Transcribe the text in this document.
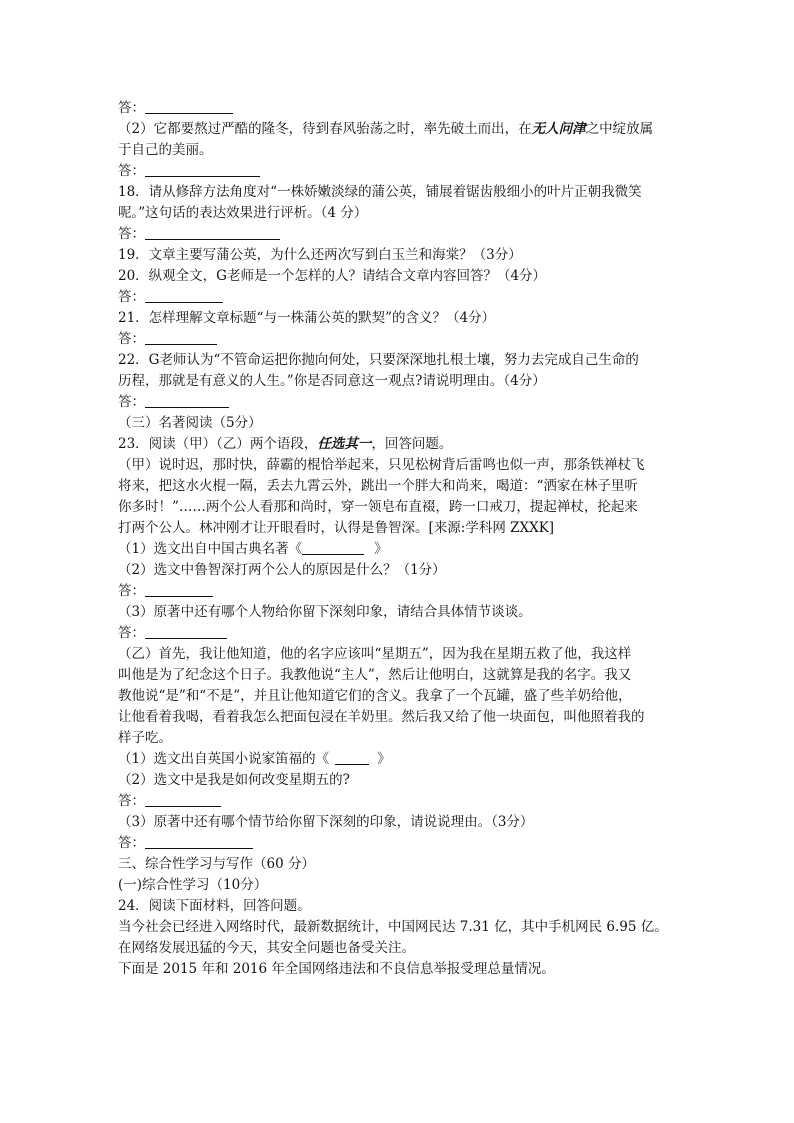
答：
（2）它都要熬过严酷的隆冬，待到春风骀荡之时，率先破土而出，在无人问津之中绽放属
于自己的美丽。
答：
18．请从修辞方法角度对“一株娇嫩淡绿的蒲公英，铺展着锯齿般细小的叶片正朝我微笑
呢。”这句话的表达效果进行评析。（4 分）
答：
19．文章主要写蒲公英，为什么还两次写到白玉兰和海棠？（3分）
20．纵观全文，G老师是一个怎样的人？请结合文章内容回答？（4分）
答：
21．怎样理解文章标题“与一株蒲公英的默契”的含义？（4分）
答：
22．G老师认为“不管命运把你抛向何处，只要深深地扎根土壤，努力去完成自己生命的
历程，那就是有意义的人生。”你是否同意这一观点?请说明理由。（4分）
答：
（三）名著阅读（5分）
23．阅读（甲）（乙）两个语段，任选其一，回答问题。
（甲）说时迟，那时快，薛霸的棍恰举起来，只见松树背后雷鸣也似一声，那条铁禅杖飞
将来，把这水火棍一隔，丢去九霄云外，跳出一个胖大和尚来，喝道：“洒家在林子里听
你多时！”……两个公人看那和尚时，穿一领皂布直裰，跨一口戒刀，提起禅杖，抡起来
打两个公人。林冲刚才让开眼看时，认得是鲁智深。[来源:学科网 ZXXK]
（1）选文出自中国古典名著《	》
（2）选文中鲁智深打两个公人的原因是什么？（1分）
答：
（3）原著中还有哪个人物给你留下深刻印象，请结合具体情节谈谈。
答：
（乙）首先，我让他知道，他的名字应该叫“星期五”，因为我在星期五救了他，我这样
叫他是为了纪念这个日子。我教他说“主人”，然后让他明白，这就算是我的名字。我又
教他说“是”和“不是”，并且让他知道它们的含义。我拿了一个瓦罐，盛了些羊奶给他，
让他看着我喝，看着我怎么把面包浸在羊奶里。然后我又给了他一块面包，叫他照着我的
样子吃。
（1）选文出自英国小说家笛福的《	》
（2）选文中是我是如何改变星期五的?
答：
（3）原著中还有哪个情节给你留下深刻的印象，请说说理由。（3分）
答：
三、综合性学习与写作（60 分）
(一)综合性学习（10分）
24．阅读下面材料，回答问题。
当今社会已经进入网络时代，最新数据统计，中国网民达 7.31 亿，其中手机网民 6.95 亿。
在网络发展迅猛的今天，其安全问题也备受关注。
下面是 2015 年和 2016 年全国网络违法和不良信息举报受理总量情况。
